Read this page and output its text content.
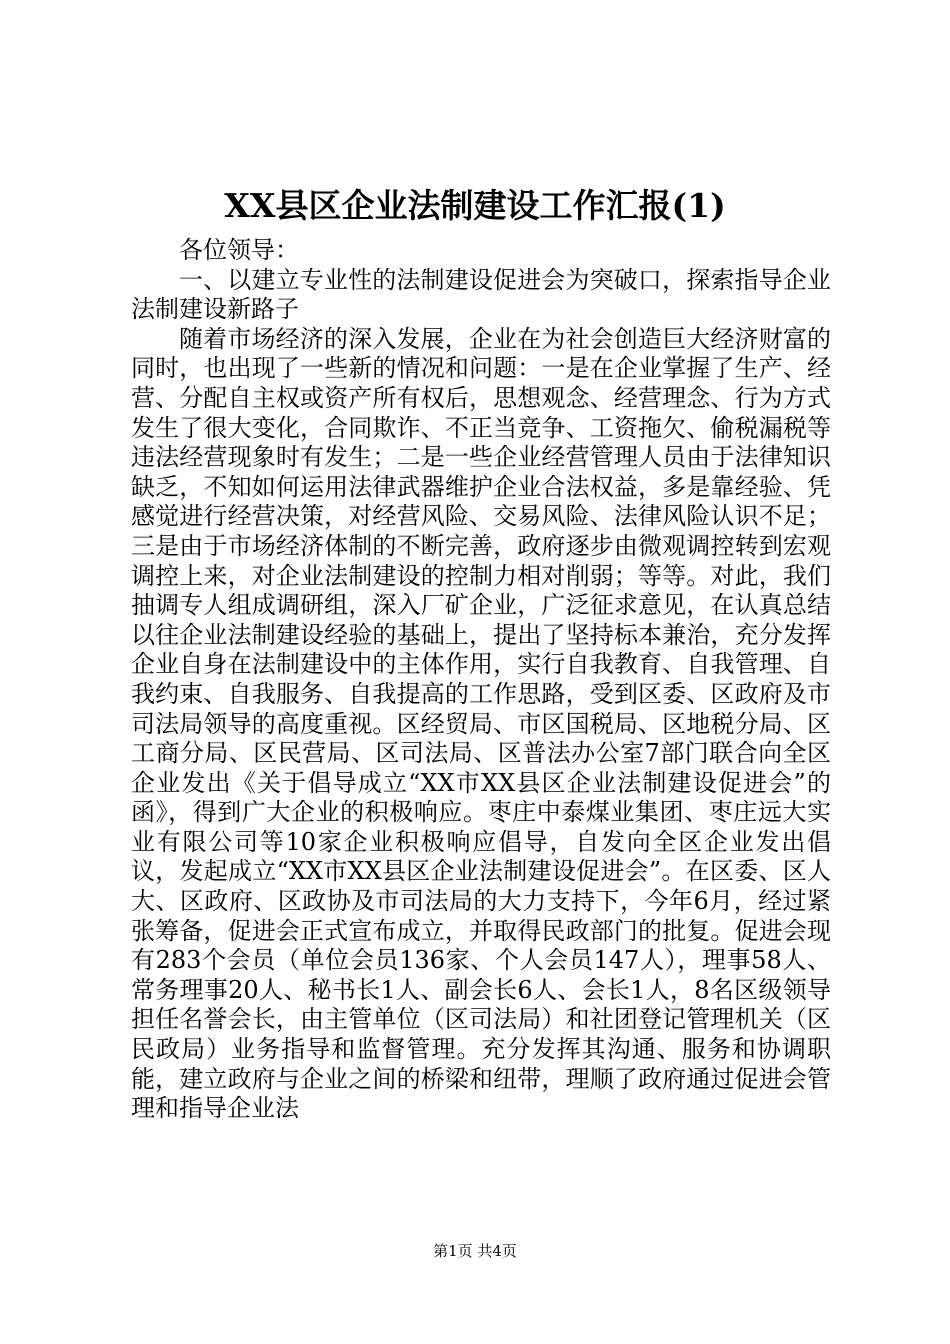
XX县区企业法制建设工作汇报(1)

各位领导：

一、以建立专业性的法制建设促进会为突破口，探索指导企业法制建设新路子

随着市场经济的深入发展，企业在为社会创造巨大经济财富的同时，也出现了一些新的情况和问题：一是在企业掌握了生产、经营、分配自主权或资产所有权后，思想观念、经营理念、行为方式发生了很大变化，合同欺诈、不正当竞争、工资拖欠、偷税漏税等违法经营现象时有发生；二是一些企业经营管理人员由于法律知识缺乏，不知如何运用法律武器维护企业合法权益，多是靠经验、凭感觉进行经营决策，对经营风险、交易风险、法律风险认识不足；三是由于市场经济体制的不断完善，政府逐步由微观调控转到宏观调控上来，对企业法制建设的控制力相对削弱；等等。对此，我们抽调专人组成调研组，深入厂矿企业，广泛征求意见，在认真总结以往企业法制建设经验的基础上，提出了坚持标本兼治，充分发挥企业自身在法制建设中的主体作用，实行自我教育、自我管理、自我约束、自我服务、自我提高的工作思路，受到区委、区政府及市司法局领导的高度重视。区经贸局、市区国税局、区地税分局、区工商分局、区民营局、区司法局、区普法办公室7部门联合向全区企业发出《关于倡导成立“XX市XX县区企业法制建设促进会”的函》，得到广大企业的积极响应。枣庄中泰煤业集团、枣庄远大实业有限公司等10家企业积极响应倡导，自发向全区企业发出倡议，发起成立“XX市XX县区企业法制建设促进会”。在区委、区人大、区政府、区政协及市司法局的大力支持下，今年6月，经过紧张筹备，促进会正式宣布成立，并取得民政部门的批复。促进会现有283个会员（单位会员136家、个人会员147人），理事58人、常务理事20人、秘书长1人、副会长6人、会长1人，8名区级领导担任名誉会长，由主管单位（区司法局）和社团登记管理机关（区民政局）业务指导和监督管理。充分发挥其沟通、服务和协调职能，建立政府与企业之间的桥梁和纽带，理顺了政府通过促进会管理和指导企业法

第1页 共4页
